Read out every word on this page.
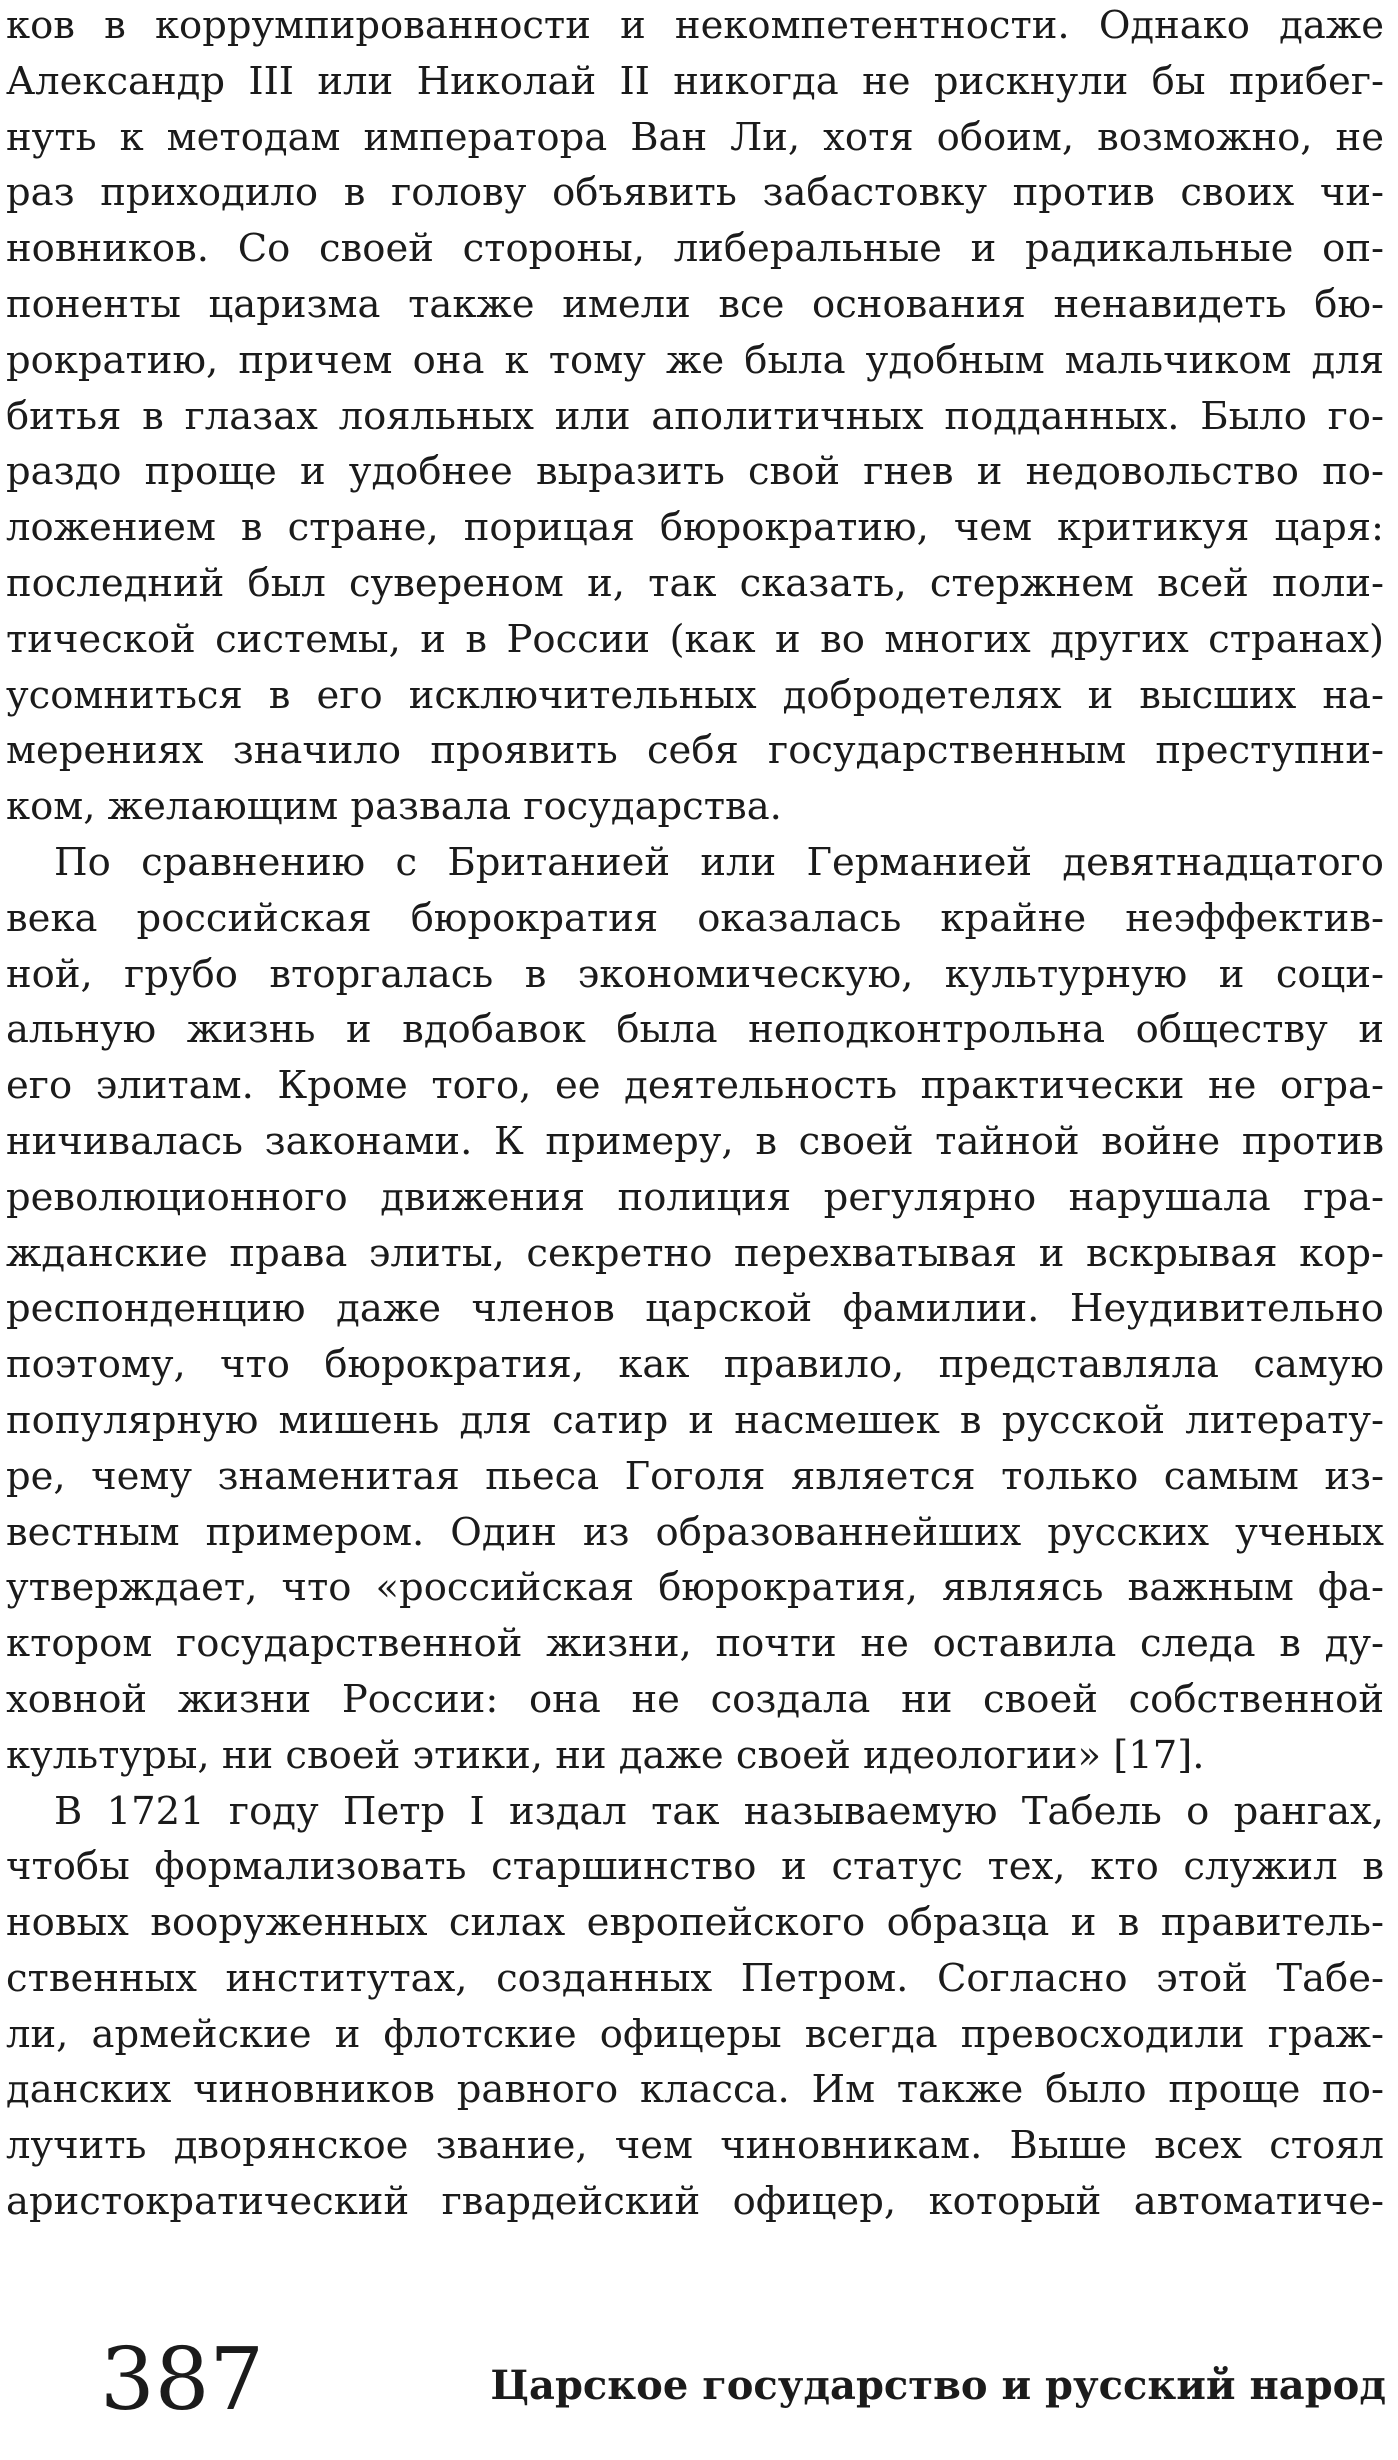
ков в коррумпированности и некомпетентности. Однако даже
Александр III или Николай II никогда не рискнули бы прибег-
нуть к методам императора Ван Ли, хотя обоим, возможно, не
раз приходило в голову объявить забастовку против своих чи-
новников. Со своей стороны, либеральные и радикальные оп-
поненты царизма также имели все основания ненавидеть бю-
рократию, причем она к тому же была удобным мальчиком для
битья в глазах лояльных или аполитичных подданных. Было го-
раздо проще и удобнее выразить свой гнев и недовольство по-
ложением в стране, порицая бюрократию, чем критикуя царя:
последний был сувереном и, так сказать, стержнем всей поли-
тической системы, и в России (как и во многих других странах)
усомниться в его исключительных добродетелях и высших на-
мерениях значило проявить себя государственным преступни-
ком, желающим развала государства.
По сравнению с Британией или Германией девятнадцатого
века российская бюрократия оказалась крайне неэффектив-
ной, грубо вторгалась в экономическую, культурную и соци-
альную жизнь и вдобавок была неподконтрольна обществу и
его элитам. Кроме того, ее деятельность практически не огра-
ничивалась законами. К примеру, в своей тайной войне против
революционного движения полиция регулярно нарушала гра-
жданские права элиты, секретно перехватывая и вскрывая кор-
респонденцию даже членов царской фамилии. Неудивительно
поэтому, что бюрократия, как правило, представляла самую
популярную мишень для сатир и насмешек в русской литерату-
ре, чему знаменитая пьеса Гоголя является только самым из-
вестным примером. Один из образованнейших русских ученых
утверждает, что «российская бюрократия, являясь важным фа-
ктором государственной жизни, почти не оставила следа в ду-
ховной жизни России: она не создала ни своей собственной
культуры, ни своей этики, ни даже своей идеологии» [17].
В 1721 году Петр I издал так называемую Табель о рангах,
чтобы формализовать старшинство и статус тех, кто служил в
новых вооруженных силах европейского образца и в правитель-
ственных институтах, созданных Петром. Согласно этой Табе-
ли, армейские и флотские офицеры всегда превосходили граж-
данских чиновников равного класса. Им также было проще по-
лучить дворянское звание, чем чиновникам. Выше всех стоял
аристократический гвардейский офицер, который автоматиче-
387	Царское государство и русский народ
